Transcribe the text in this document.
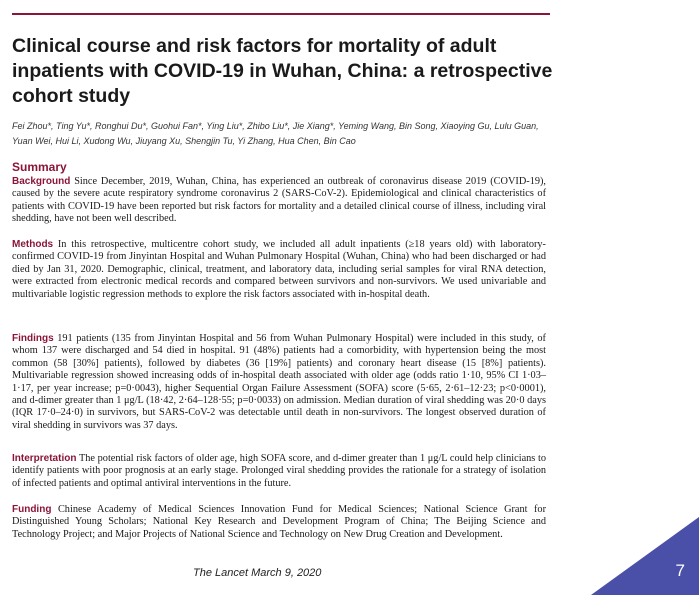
Clinical course and risk factors for mortality of adult inpatients with COVID-19 in Wuhan, China: a retrospective cohort study
Fei Zhou*, Ting Yu*, Ronghui Du*, Guohui Fan*, Ying Liu*, Zhibo Liu*, Jie Xiang*, Yeming Wang, Bin Song, Xiaoying Gu, Lulu Guan, Yuan Wei, Hui Li, Xudong Wu, Jiuyang Xu, Shengjin Tu, Yi Zhang, Hua Chen, Bin Cao
Summary
Background Since December, 2019, Wuhan, China, has experienced an outbreak of coronavirus disease 2019 (COVID-19), caused by the severe acute respiratory syndrome coronavirus 2 (SARS-CoV-2). Epidemiological and clinical characteristics of patients with COVID-19 have been reported but risk factors for mortality and a detailed clinical course of illness, including viral shedding, have not been well described.
Methods In this retrospective, multicentre cohort study, we included all adult inpatients (≥18 years old) with laboratory-confirmed COVID-19 from Jinyintan Hospital and Wuhan Pulmonary Hospital (Wuhan, China) who had been discharged or had died by Jan 31, 2020. Demographic, clinical, treatment, and laboratory data, including serial samples for viral RNA detection, were extracted from electronic medical records and compared between survivors and non-survivors. We used univariable and multivariable logistic regression methods to explore the risk factors associated with in-hospital death.
Findings 191 patients (135 from Jinyintan Hospital and 56 from Wuhan Pulmonary Hospital) were included in this study, of whom 137 were discharged and 54 died in hospital. 91 (48%) patients had a comorbidity, with hypertension being the most common (58 [30%] patients), followed by diabetes (36 [19%] patients) and coronary heart disease (15 [8%] patients). Multivariable regression showed increasing odds of in-hospital death associated with older age (odds ratio 1·10, 95% CI 1·03–1·17, per year increase; p=0·0043), higher Sequential Organ Failure Assessment (SOFA) score (5·65, 2·61–12·23; p<0·0001), and d-dimer greater than 1 μg/L (18·42, 2·64–128·55; p=0·0033) on admission. Median duration of viral shedding was 20·0 days (IQR 17·0–24·0) in survivors, but SARS-CoV-2 was detectable until death in non-survivors. The longest observed duration of viral shedding in survivors was 37 days.
Interpretation The potential risk factors of older age, high SOFA score, and d-dimer greater than 1 μg/L could help clinicians to identify patients with poor prognosis at an early stage. Prolonged viral shedding provides the rationale for a strategy of isolation of infected patients and optimal antiviral interventions in the future.
Funding Chinese Academy of Medical Sciences Innovation Fund for Medical Sciences; National Science Grant for Distinguished Young Scholars; National Key Research and Development Program of China; The Beijing Science and Technology Project; and Major Projects of National Science and Technology on New Drug Creation and Development.
The Lancet March 9, 2020	7
